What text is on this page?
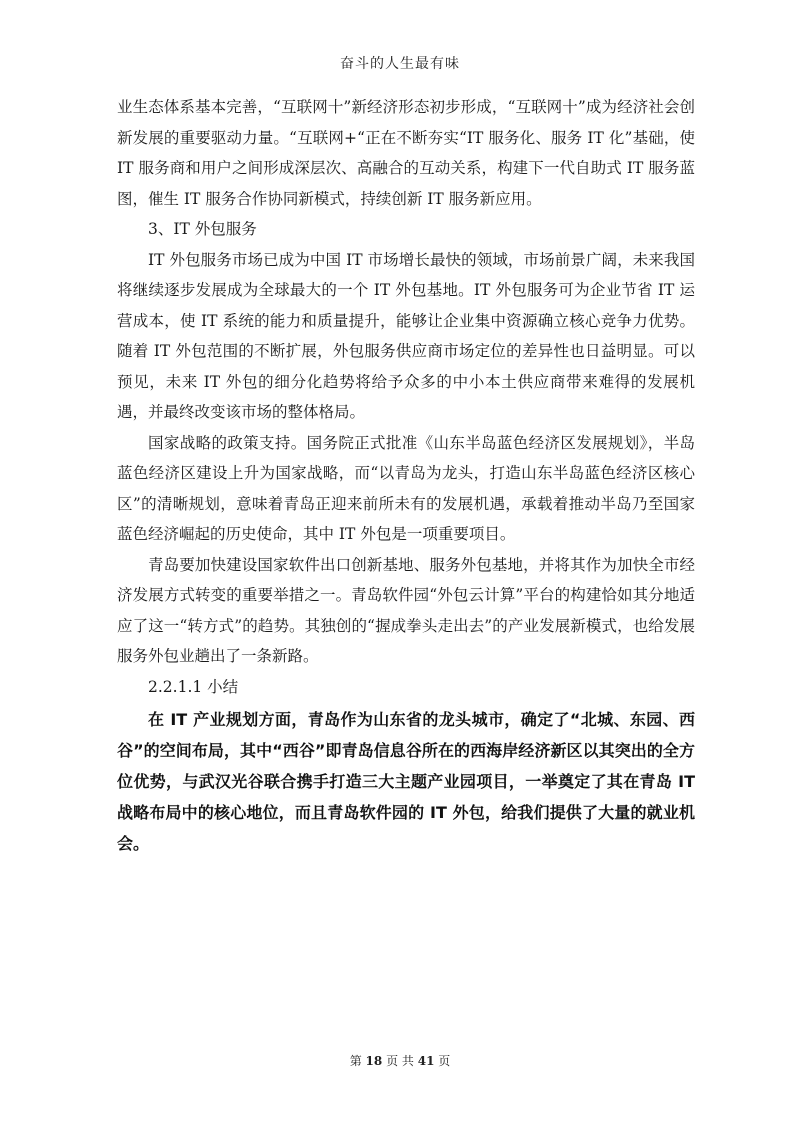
奋斗的人生最有味

业生态体系基本完善，“互联网十”新经济形态初步形成，“互联网十”成为经济社会创新发展的重要驱动力量。“互联网+“正在不断夯实“IT 服务化、服务 IT 化”基础，使 IT 服务商和用户之间形成深层次、高融合的互动关系，构建下一代自助式 IT 服务蓝图，催生 IT 服务合作协同新模式，持续创新 IT 服务新应用。

3、IT 外包服务

IT 外包服务市场已成为中国 IT 市场增长最快的领域，市场前景广阔，未来我国将继续逐步发展成为全球最大的一个 IT 外包基地。IT 外包服务可为企业节省 IT 运营成本，使 IT 系统的能力和质量提升，能够让企业集中资源确立核心竞争力优势。随着 IT 外包范围的不断扩展，外包服务供应商市场定位的差异性也日益明显。可以预见，未来 IT 外包的细分化趋势将给予众多的中小本土供应商带来难得的发展机遇，并最终改变该市场的整体格局。

国家战略的政策支持。国务院正式批准《山东半岛蓝色经济区发展规划》，半岛蓝色经济区建设上升为国家战略，而“以青岛为龙头，打造山东半岛蓝色经济区核心区”的清晰规划，意味着青岛正迎来前所未有的发展机遇，承载着推动半岛乃至国家蓝色经济崛起的历史使命，其中 IT 外包是一项重要项目。

青岛要加快建设国家软件出口创新基地、服务外包基地，并将其作为加快全市经济发展方式转变的重要举措之一。青岛软件园“外包云计算”平台的构建恰如其分地适应了这一“转方式”的趋势。其独创的“握成拳头走出去”的产业发展新模式，也给发展服务外包业趟出了一条新路。

2.2.1.1 小结

在 IT 产业规划方面，青岛作为山东省的龙头城市，确定了“北城、东园、西谷”的空间布局，其中“西谷”即青岛信息谷所在的西海岸经济新区以其突出的全方位优势，与武汉光谷联合携手打造三大主题产业园项目，一举奠定了其在青岛 IT 战略布局中的核心地位，而且青岛软件园的 IT 外包，给我们提供了大量的就业机会。

第 18 页 共 41 页
